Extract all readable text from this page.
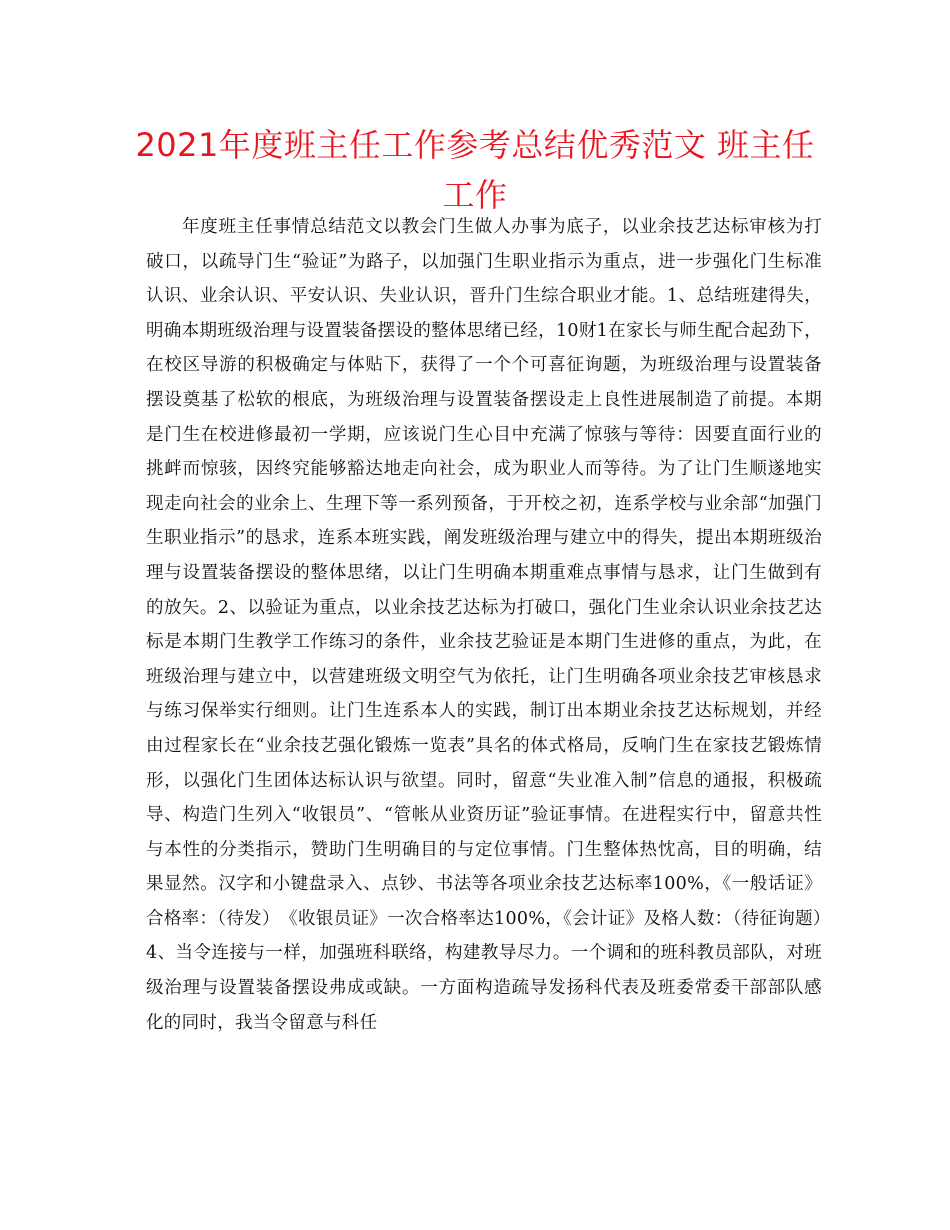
2021年度班主任工作参考总结优秀范文 班主任工作

年度班主任事情总结范文以教会门生做人办事为底子，以业余技艺达标审核为打破口，以疏导门生“验证”为路子，以加强门生职业指示为重点，进一步强化门生标准认识、业余认识、平安认识、失业认识，晋升门生综合职业才能。1、总结班建得失，明确本期班级治理与设置装备摆设的整体思绪已经，10财1在家长与师生配合起劲下，在校区导游的积极确定与体贴下，获得了一个个可喜征询题，为班级治理与设置装备摆设奠基了松软的根底，为班级治理与设置装备摆设走上良性进展制造了前提。本期是门生在校进修最初一学期，应该说门生心目中充满了惊骇与等待：因要直面行业的挑衅而惊骇，因终究能够豁达地走向社会，成为职业人而等待。为了让门生顺遂地实现走向社会的业余上、生理下等一系列预备，于开校之初，连系学校与业余部“加强门生职业指示”的恳求，连系本班实践，阐发班级治理与建立中的得失，提出本期班级治理与设置装备摆设的整体思绪，以让门生明确本期重难点事情与恳求，让门生做到有的放矢。2、以验证为重点，以业余技艺达标为打破口，强化门生业余认识业余技艺达标是本期门生教学工作练习的条件，业余技艺验证是本期门生进修的重点，为此，在班级治理与建立中，以营建班级文明空气为依托，让门生明确各项业余技艺审核恳求与练习保举实行细则。让门生连系本人的实践，制订出本期业余技艺达标规划，并经由过程家长在“业余技艺强化锻炼一览表”具名的体式格局，反响门生在家技艺锻炼情形，以强化门生团体达标认识与欲望。同时，留意“失业准入制”信息的通报，积极疏导、构造门生列入“收银员”、“管帐从业资历证”验证事情。在进程实行中，留意共性与本性的分类指示，赞助门生明确目的与定位事情。门生整体热忱高，目的明确，结果显然。汉字和小键盘录入、点钞、书法等各项业余技艺达标率100%，《一般话证》合格率：（待发）　《收银员证》一次合格率达100%，《会计证》及格人数：（待征询题）4、当令连接与一样，加强班科联络，构建教导尽力。一个调和的班科教员部队，对班级治理与设置装备摆设弗成或缺。一方面构造疏导发扬科代表及班委常委干部部队感化的同时，我当令留意与科任
